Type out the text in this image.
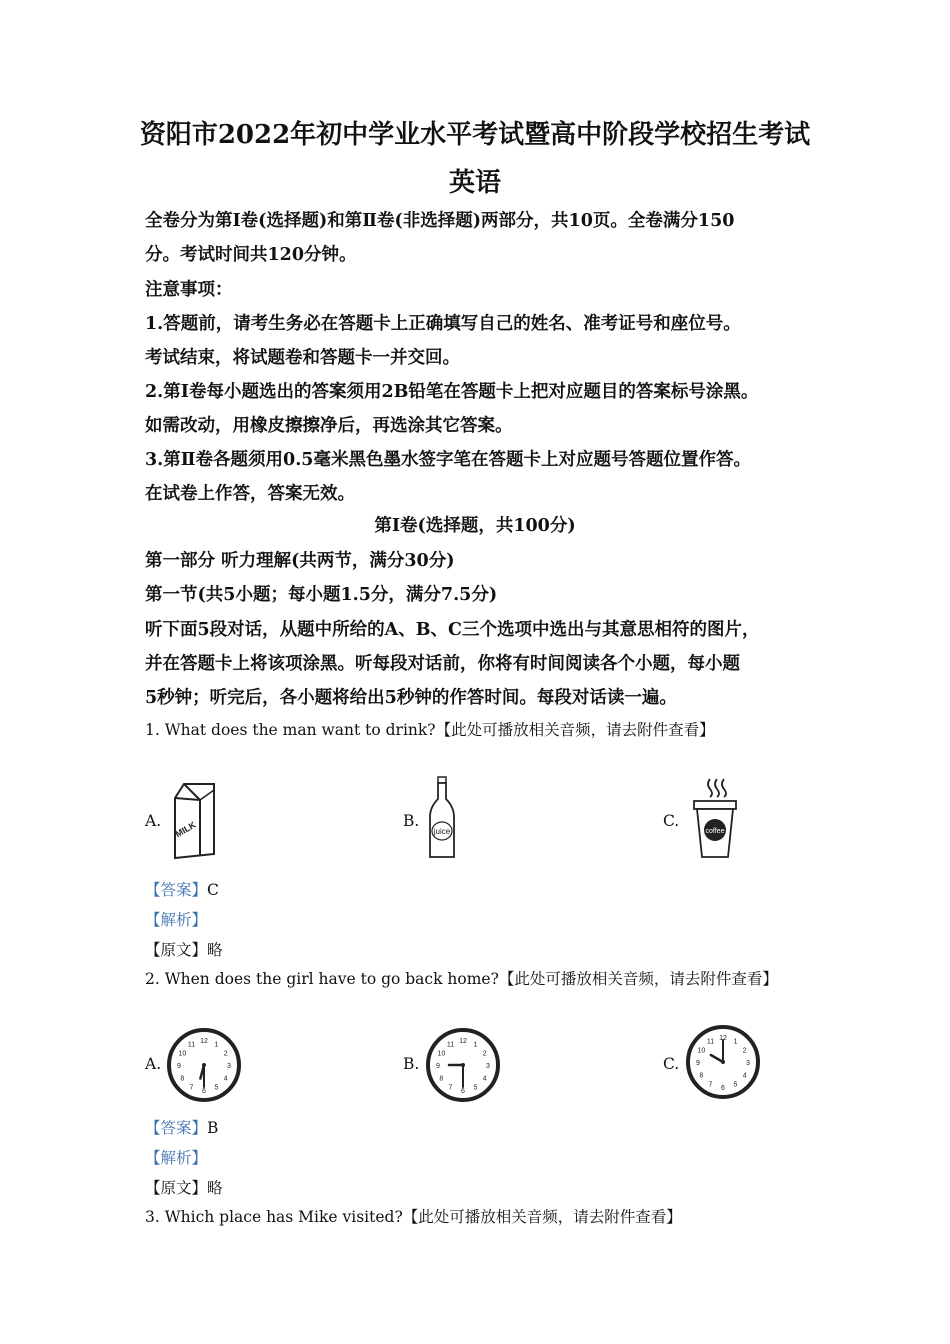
资阳市2022年初中学业水平考试暨高中阶段学校招生考试
英语
全卷分为第Ⅰ卷(选择题)和第Ⅱ卷(非选择题)两部分，共10页。全卷满分150
分。考试时间共120分钟。
注意事项：
1.答题前，请考生务必在答题卡上正确填写自己的姓名、准考证号和座位号。
考试结束，将试题卷和答题卡一并交回。
2.第Ⅰ卷每小题选出的答案须用2B铅笔在答题卡上把对应题目的答案标号涂黑。
如需改动，用橡皮擦擦净后，再选涂其它答案。
3.第Ⅱ卷各题须用0.5毫米黑色墨水签字笔在答题卡上对应题号答题位置作答。
在试卷上作答，答案无效。
第Ⅰ卷(选择题，共100分)
第一部分 听力理解(共两节，满分30分)
第一节(共5小题；每小题1.5分，满分7.5分)
听下面5段对话，从题中所给的A、B、C三个选项中选出与其意思相符的图片，
并在答题卡上将该项涂黑。听每段对话前，你将有时间阅读各个小题，每小题
5秒钟；听完后，各小题将给出5秒钟的作答时间。每段对话读一遍。
1. What does the man want to drink?【此处可播放相关音频，请去附件查看】
A.	B.	C.
MILK	juice	coffee
【答案】C
【解析】
【原文】略
2. When does the girl have to go back home?【此处可播放相关音频，请去附件查看】
A.	B.	C.
1
2
3
4
5
6
7
8
9
10
11 12	1
2
3
4
5
6
7
8
9
10
11 12	1
2
3
4
5
6
7
8
9
10
11 12
【答案】B
【解析】
【原文】略
3. Which place has Mike visited?【此处可播放相关音频，请去附件查看】
